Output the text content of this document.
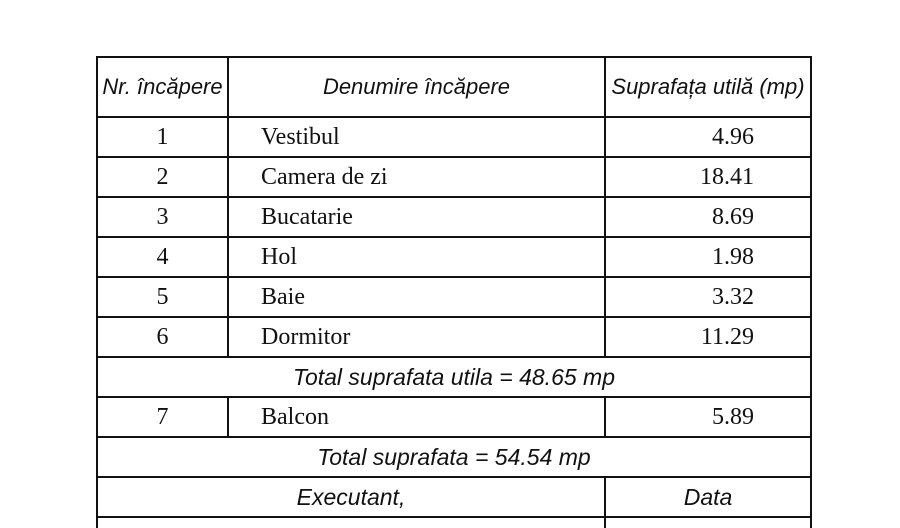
Nr. încăpere	Denumire încăpere	Suprafața utilă (mp)
1	Vestibul	4.96
2	Camera de zi	18.41
3	Bucatarie	8.69
4	Hol	1.98
5	Baie	3.32
6	Dormitor	11.29
Total suprafata utila = 48.65 mp		
7	Balcon	5.89
Total suprafata = 54.54 mp		
Executant,		Data
